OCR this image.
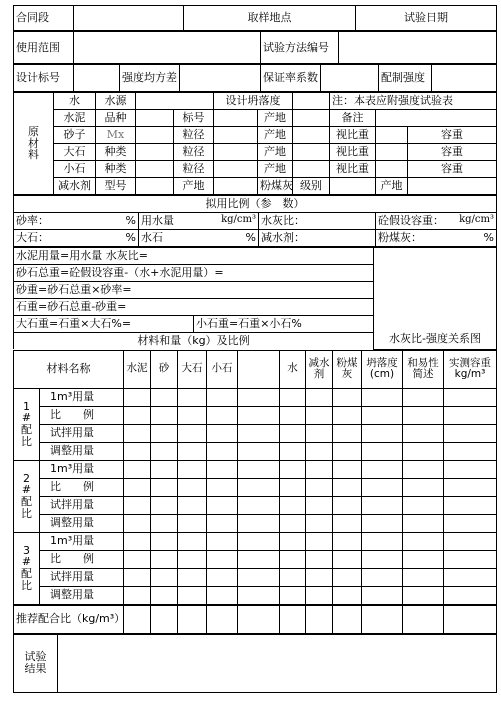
合同段		取样地点	试验日期
使用范围		试验方法编号	
设计标号		强度均方差		保证率系数		配制强度	
原材料	水	水源			设计坍落度			注：本表应附强度试验表		
	水泥	品种		标号		产地		备注		
	砂子	Mx		粒径		产地		视比重		容重
	大石	种类		粒径		产地		视比重		容重
	小石	种类		粒径		产地		视比重		容重
	减水剂	型号		产地		粉煤灰	级别		产地	
拟用比例（参　数）			
砂率： %	用水量 kg/cm³	水灰比：	砼假设容重： kg/cm³

大石： %	水石 %	减水剂：	粉煤灰： %
水泥用量=用水量 水灰比=		水灰比-强度关系图
砂石总重=砼假设容重-（水+水泥用量）=		
砂重=砂石总重×砂率=		
石重=砂石总重-砂重=		
大石重=石重×大石%=	小石重=石重×小石%	
材料和量（kg）及比例		
材料名称		水泥	砂	大石	小石		水	减水剂	粉煤灰	坍落度(cm)	和易性简述	实测容重 kg/m³
1　#
配比	1m³用量											
	比　　例											
	试拌用量											
	调整用量											
2　#
配比	1m³用量											
	比　　例											
	试拌用量											
	调整用量											
3　#
配比	1m³用量											
	比　　例											
	试拌用量											
	调整用量											
推荐配合比（kg/m³）											
试验结果	
